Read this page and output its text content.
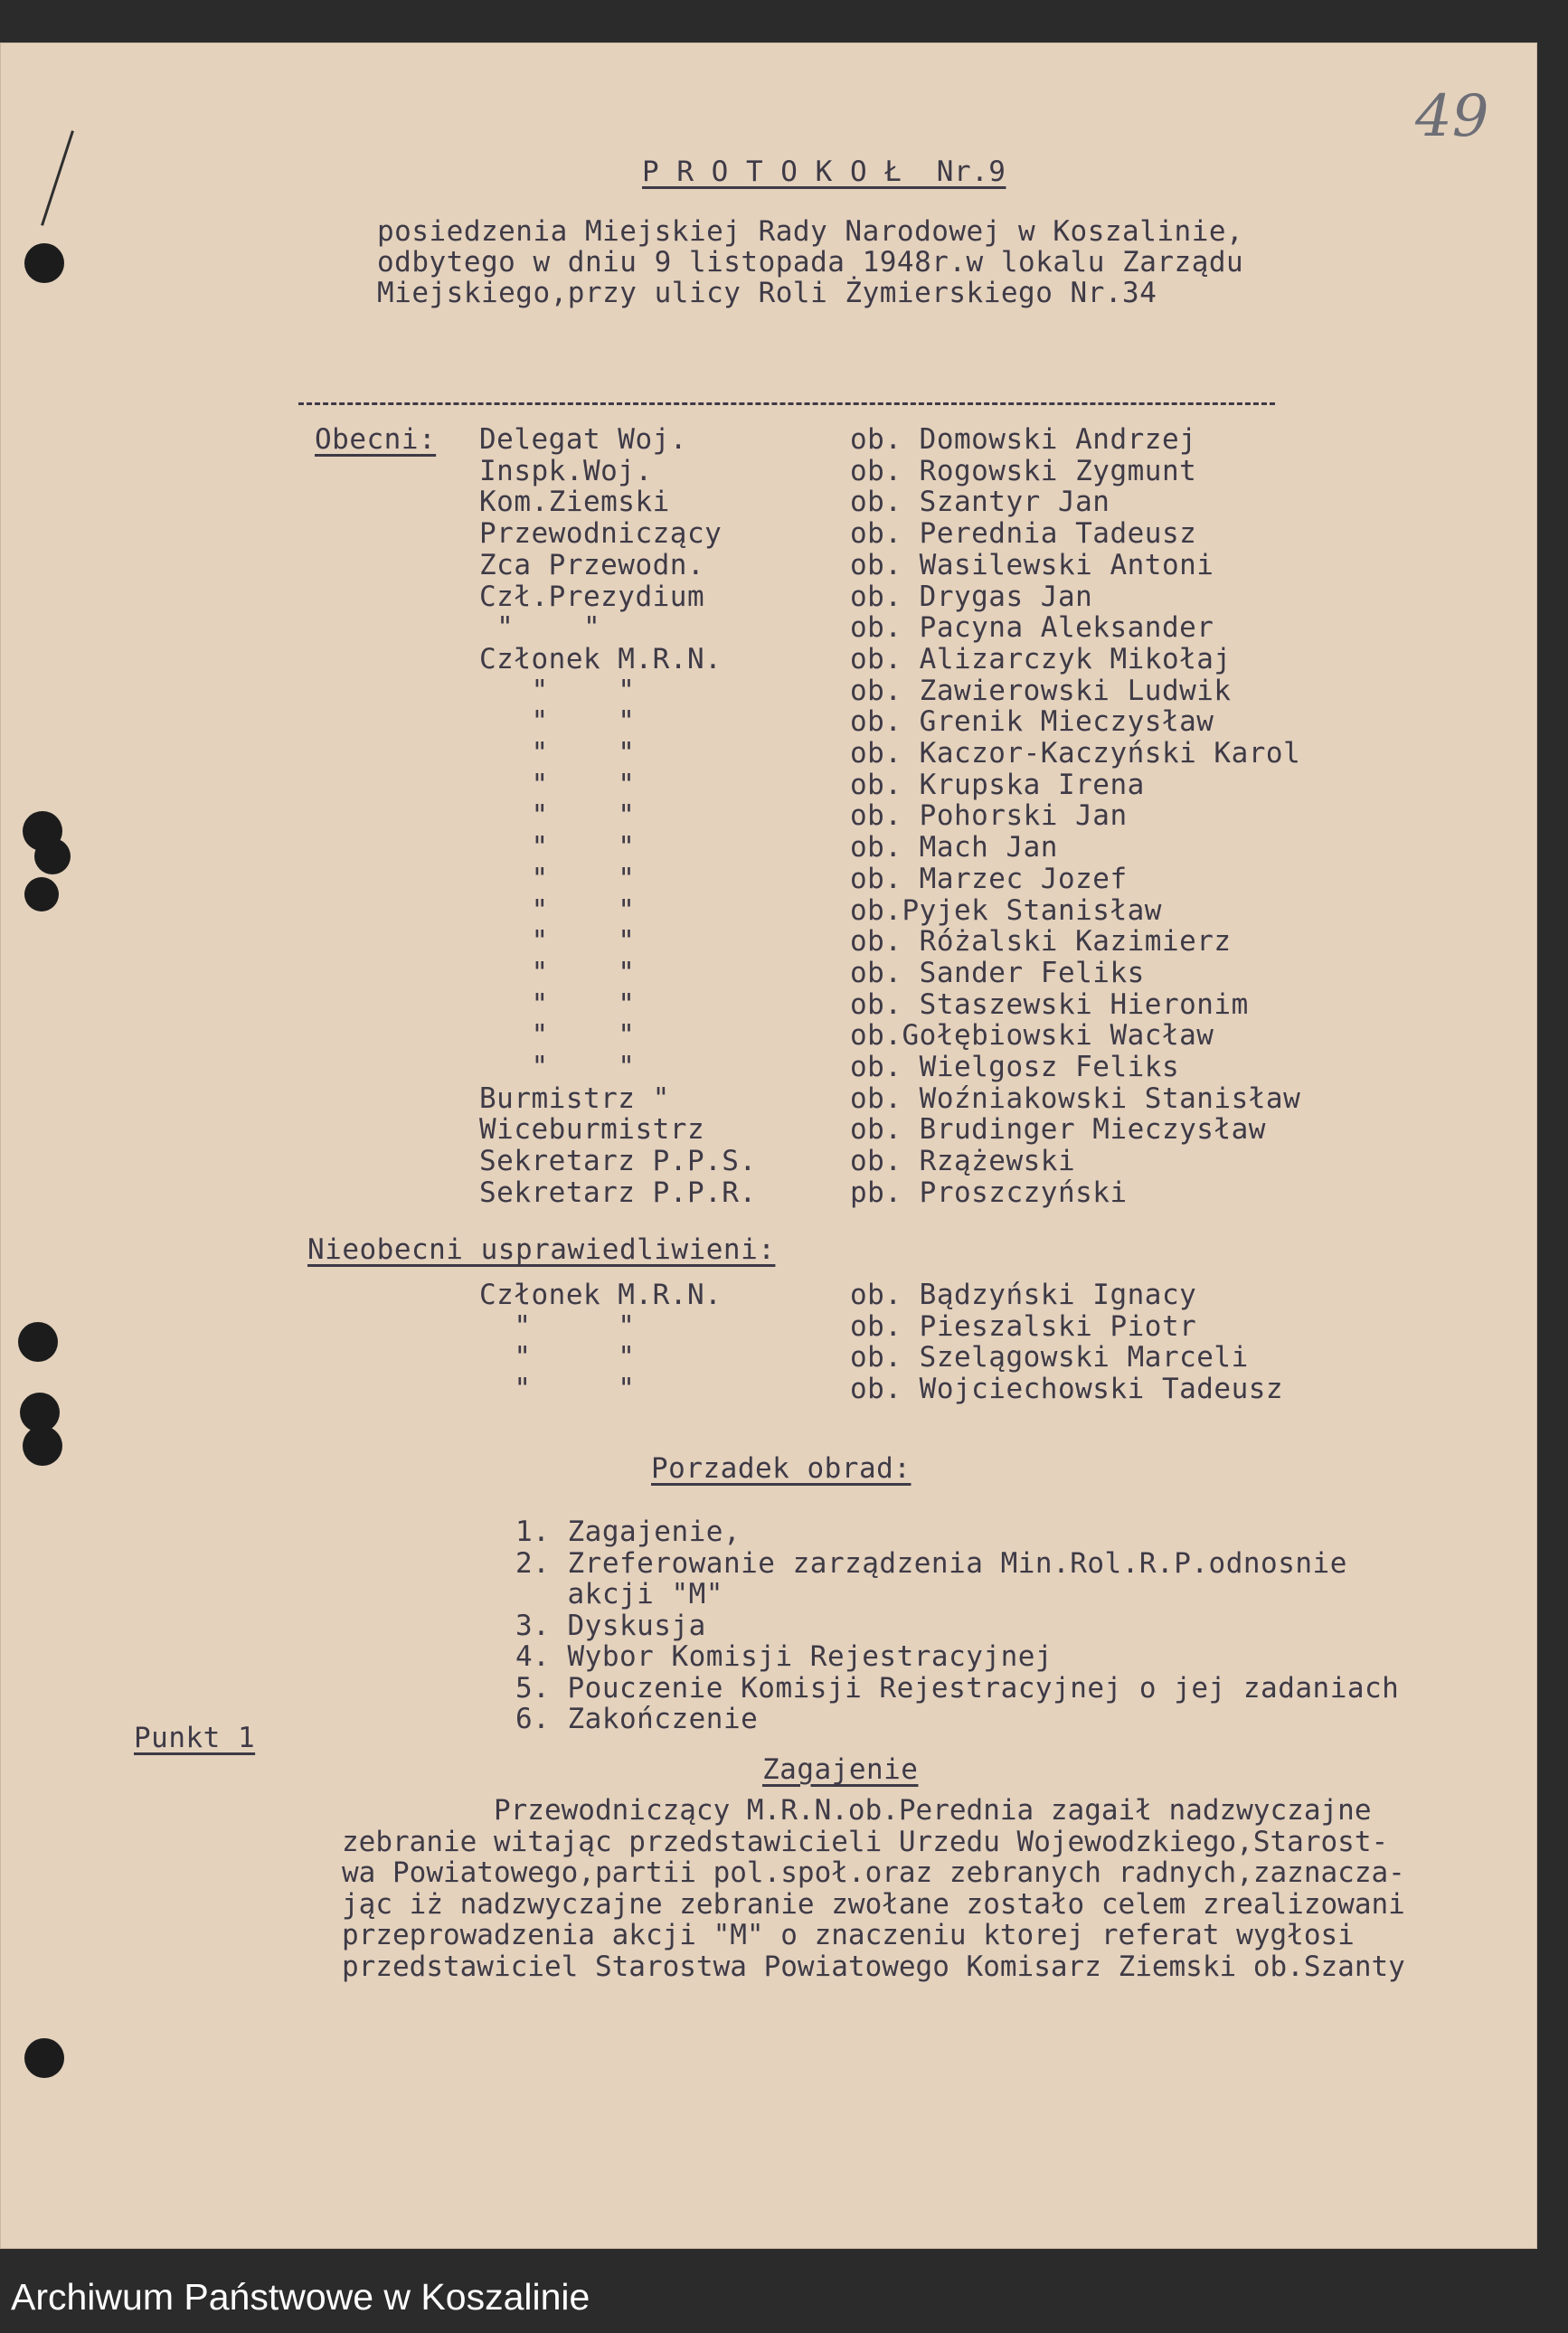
49
P R O T O K O Ł  Nr.9
posiedzenia Miejskiej Rady Narodowej w Koszalinie,
odbytego w dniu 9 listopada 1948r.w lokalu Zarządu
Miejskiego,przy ulicy Roli Żymierskiego Nr.34
Obecni: Delegat Woj.	ob. Domowski Andrzej
Inspk.Woj.	ob. Rogowski Zygmunt
Kom.Ziemski	ob. Szantyr Jan
Przewodniczący	ob. Perednia Tadeusz
Zca Przewodn.	ob. Wasilewski Antoni
Czł.Prezydium	ob. Drygas Jan
"    "	ob. Pacyna Aleksander
Członek M.R.N.	ob. Alizarczyk Mikołaj
"    "	ob. Zawierowski Ludwik
"    "	ob. Grenik Mieczysław
"    "	ob. Kaczor-Kaczyński Karol
"    "	ob. Krupska Irena
"    "	ob. Pohorski Jan
"    "	ob. Mach Jan
"    "	ob. Marzec Jozef
"    "	ob.Pyjek Stanisław
"    "	ob. Różalski Kazimierz
"    "	ob. Sander Feliks
"    "	ob. Staszewski Hieronim
"    "	ob.Gołębiowski Wacław
"    "	ob. Wielgosz Feliks
Burmistrz "	ob. Woźniakowski Stanisław
Wiceburmistrz	ob. Brudinger Mieczysław
Sekretarz P.P.S.	ob. Rzążewski
Sekretarz P.P.R.	pb. Proszczyński
Nieobecni usprawiedliwieni:
Członek M.R.N.	ob. Bądzyński Ignacy
"     "	ob. Pieszalski Piotr
"     "	ob. Szelągowski Marceli
"     "	ob. Wojciechowski Tadeusz
Porzadek obrad:
1. Zagajenie,
2. Zreferowanie zarządzenia Min.Rol.R.P.odnosnie
akcji "M"
3. Dyskusja
4. Wybor Komisji Rejestracyjnej
5. Pouczenie Komisji Rejestracyjnej o jej zadaniach
6. Zakończenie
Punkt 1
Zagajenie
Przewodniczący M.R.N.ob.Perednia zagaił nadzwyczajne
zebranie witając przedstawicieli Urzedu Wojewodzkiego,Starost-
wa Powiatowego,partii pol.społ.oraz zebranych radnych,zaznacza-
jąc iż nadzwyczajne zebranie zwołane zostało celem zrealizowani
przeprowadzenia akcji "M" o znaczeniu ktorej referat wygłosi
przedstawiciel Starostwa Powiatowego Komisarz Ziemski ob.Szanty
Archiwum Państwowe w Koszalinie
